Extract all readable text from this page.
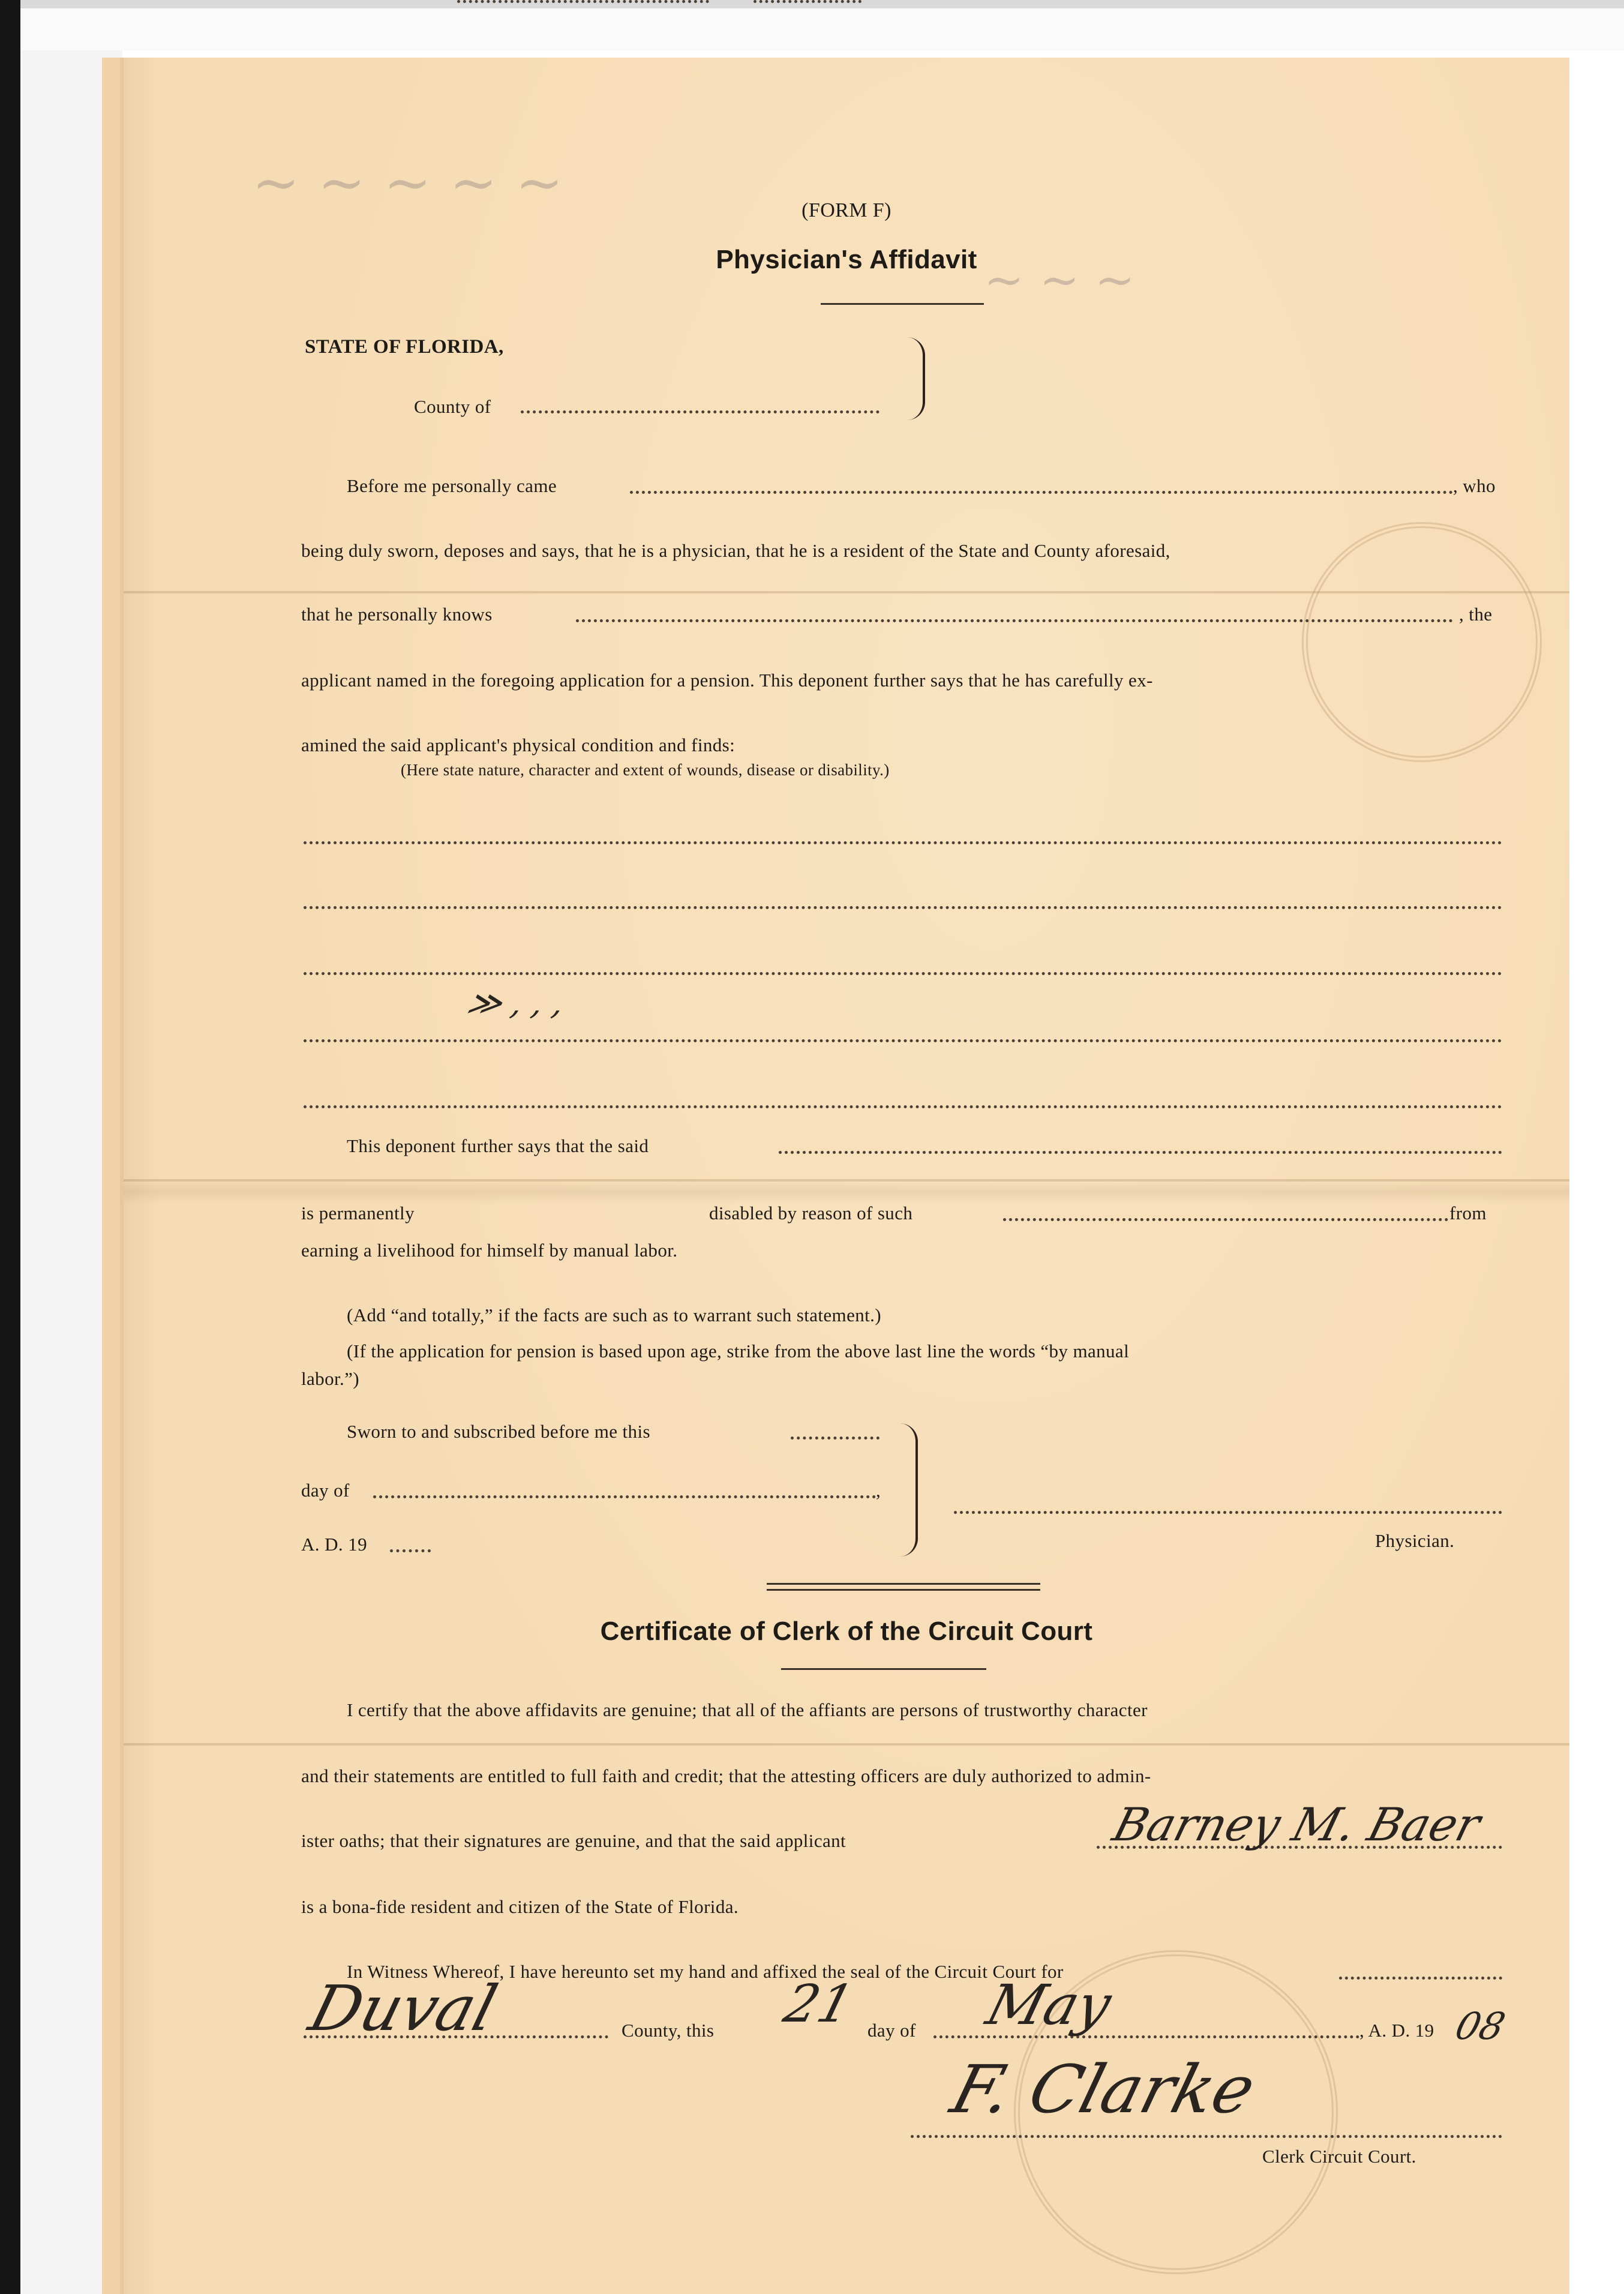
~ ~ ~ ~ ~
~ ~ ~
(FORM F)
Physician's Affidavit
STATE OF FLORIDA,
County of
Before me personally came	, who
being duly sworn, deposes and says, that he is a physician, that he is a resident of the State and County aforesaid,
that he personally knows	, the
applicant named in the foregoing application for a pension. This deponent further says that he has carefully ex-
amined the said applicant's physical condition and finds:
(Here state nature, character and extent of wounds, disease or disability.)
≫ ‚ ‚ ‚
This deponent further says that the said
is permanently	disabled by reason of such	from
earning a livelihood for himself by manual labor.
(Add “and totally,” if the facts are such as to warrant such statement.)
(If the application for pension is based upon age, strike from the above last line the words “by manual
labor.”)
Sworn to and subscribed before me this
day of	,
A. D. 19	Physician.
Certificate of Clerk of the Circuit Court
I certify that the above affidavits are genuine; that all of the affiants are persons of trustworthy character
and their statements are entitled to full faith and credit; that the attesting officers are duly authorized to admin-
ister oaths; that their signatures are genuine, and that the said applicant	Barney M. Baer
is a bona-fide resident and citizen of the State of Florida.
In Witness Whereof, I have hereunto set my hand and affixed the seal of the Circuit Court for
Duval	County, this 21 day of May	, A. D. 19 08
F. Clarke
Clerk Circuit Court.
